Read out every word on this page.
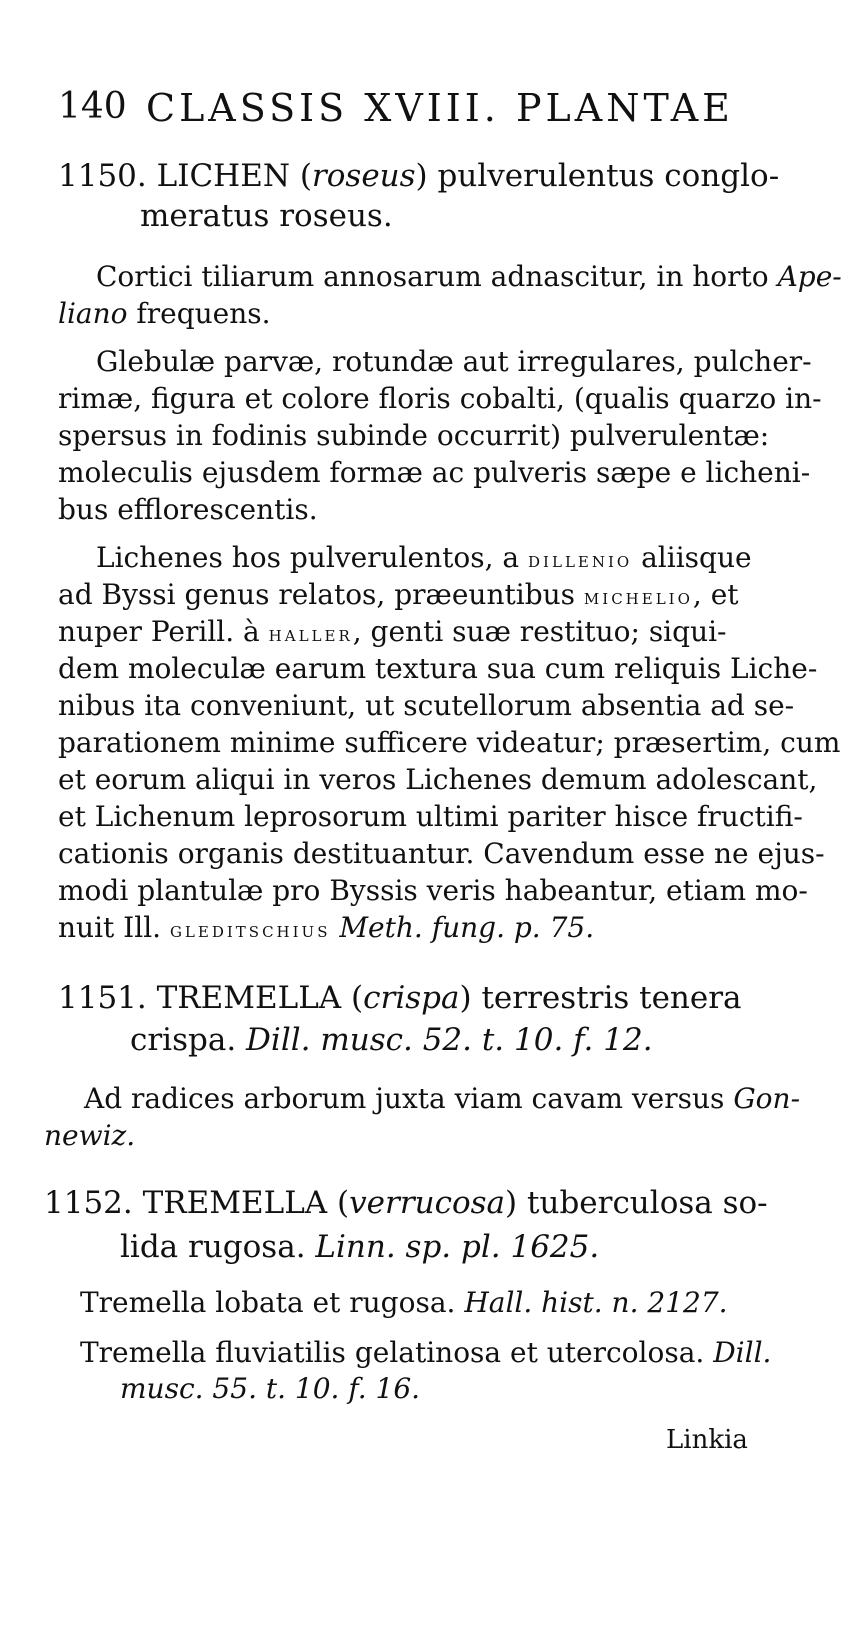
140 CLASSIS XVIII. PLANTAE
1150. LICHEN (roseus) pulverulentus conglo-
meratus roseus.
Cortici tiliarum annosarum adnascitur, in horto Ape-
liano frequens.
Glebulæ parvæ, rotundæ aut irregulares, pulcher-
rimæ, figura et colore floris cobalti, (qualis quarzo in-
spersus in fodinis subinde occurrit) pulverulentæ:
moleculis ejusdem formæ ac pulveris sæpe e licheni-
bus efflorescentis.
Lichenes hos pulverulentos, a dillenio aliisque
ad Byssi genus relatos, præeuntibus michelio, et
nuper Perill. à haller, genti suæ restituo; siqui-
dem moleculæ earum textura sua cum reliquis Liche-
nibus ita conveniunt, ut scutellorum absentia ad se-
parationem minime sufficere videatur; præsertim, cum
et eorum aliqui in veros Lichenes demum adolescant,
et Lichenum leprosorum ultimi pariter hisce fructifi-
cationis organis destituantur. Cavendum esse ne ejus-
modi plantulæ pro Byssis veris habeantur, etiam mo-
nuit Ill. gleditschius Meth. fung. p. 75.
1151. TREMELLA (crispa) terrestris tenera
crispa. Dill. musc. 52. t. 10. f. 12.
Ad radices arborum juxta viam cavam versus Gon-
newiz.
1152. TREMELLA (verrucosa) tuberculosa so-
lida rugosa. Linn. sp. pl. 1625.
Tremella lobata et rugosa. Hall. hist. n. 2127.
Tremella fluviatilis gelatinosa et utercolosa. Dill.
musc. 55. t. 10. f. 16.
Linkia
